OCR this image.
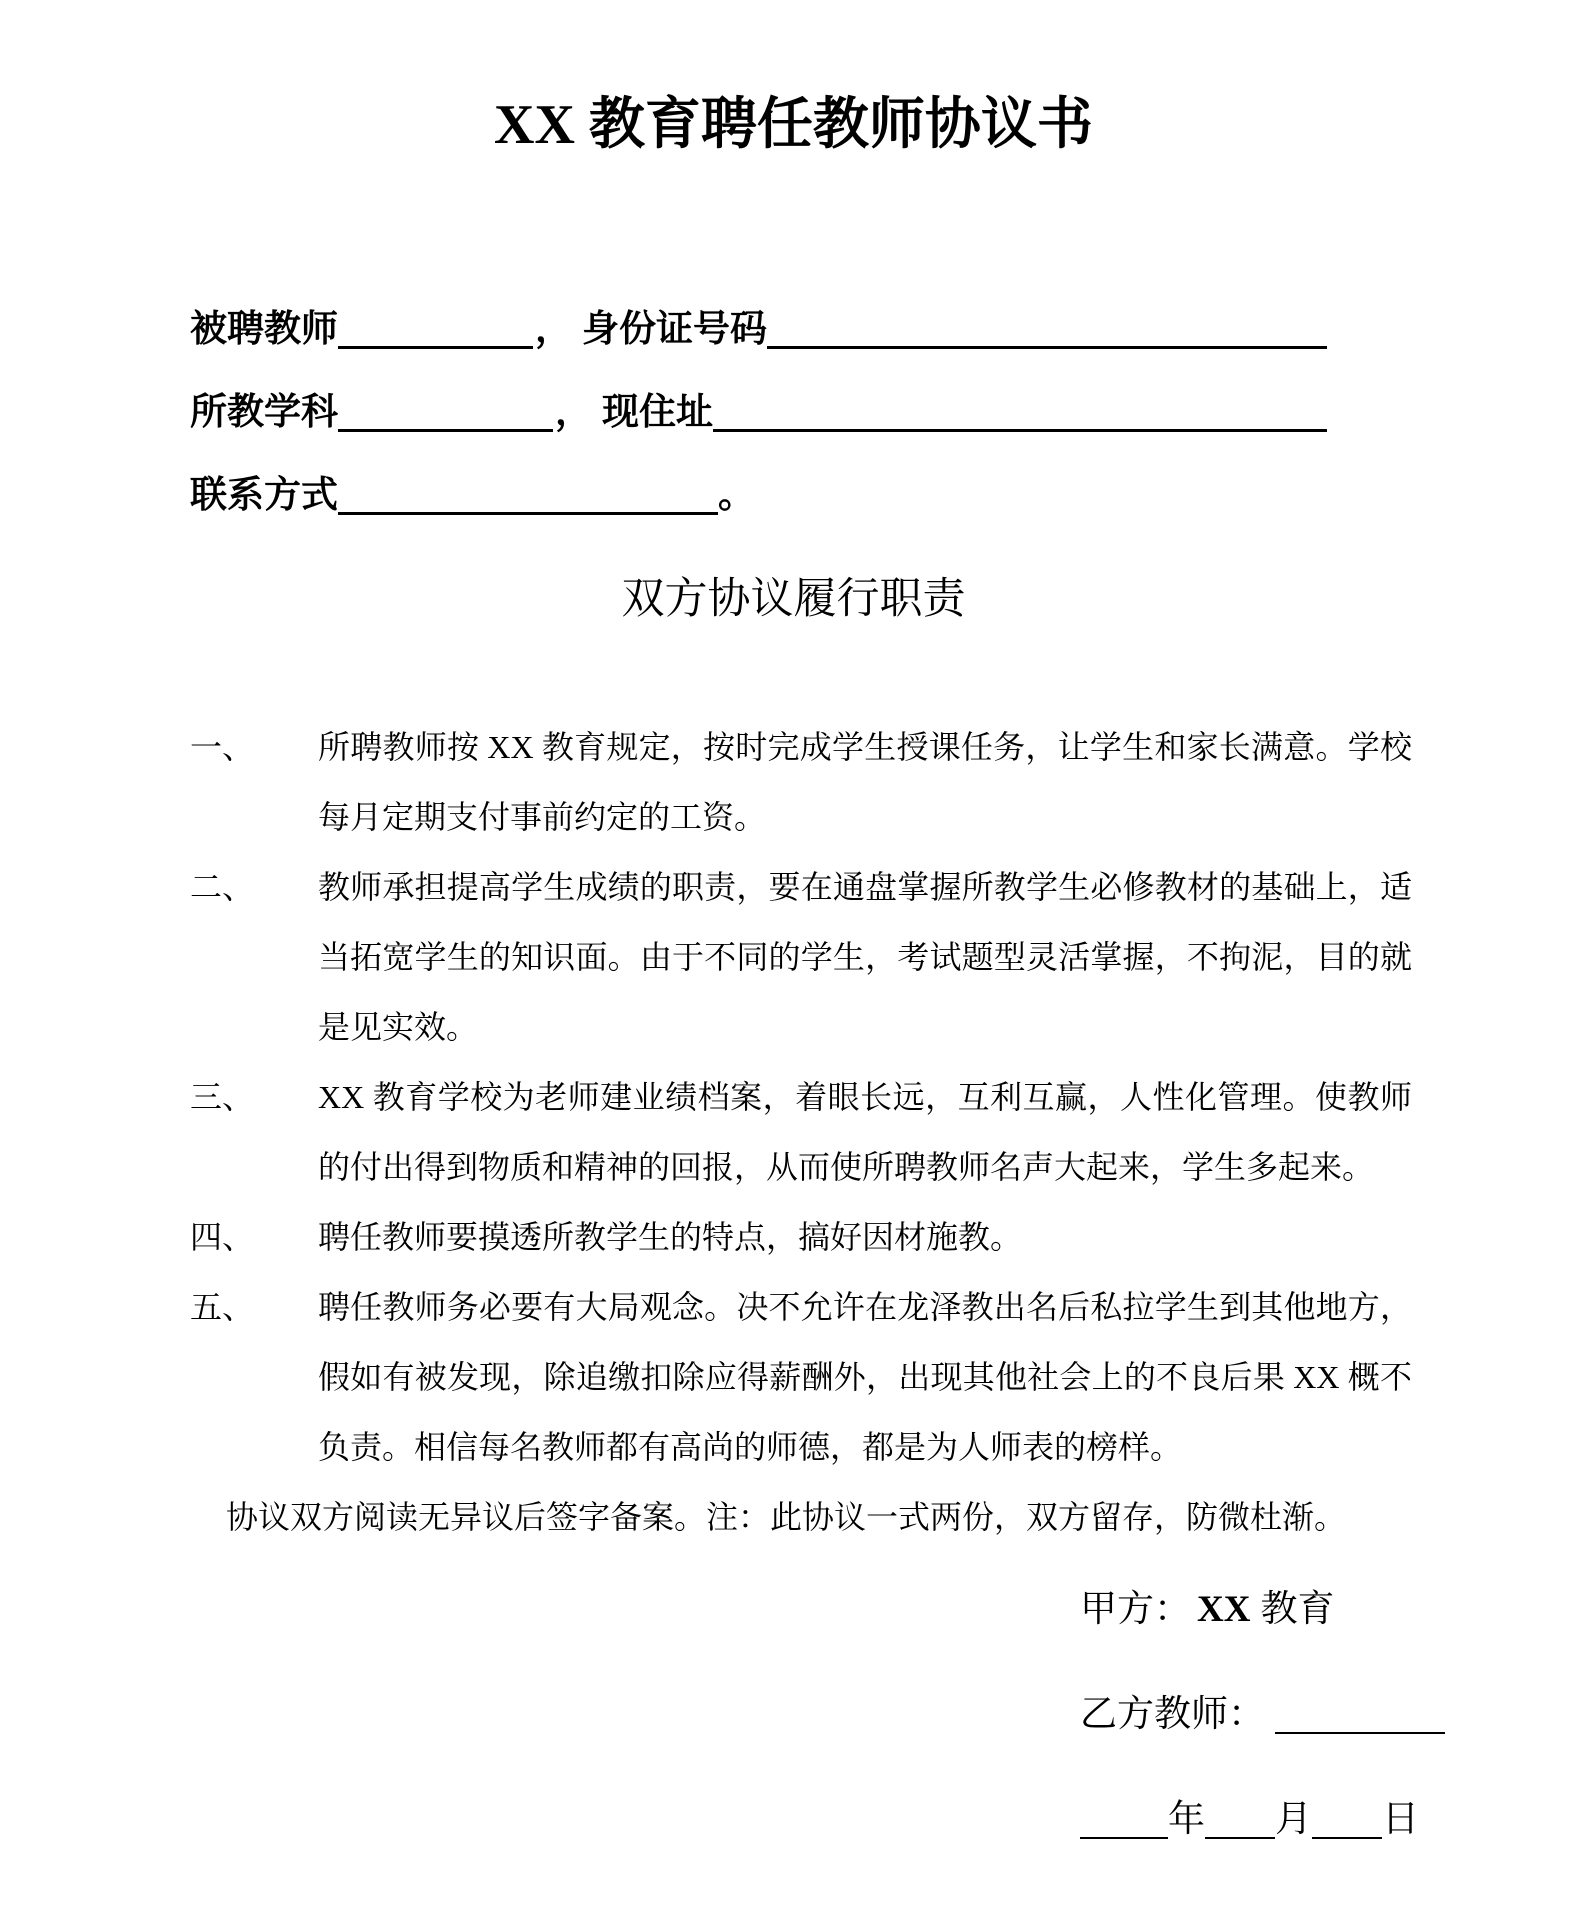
XX 教育聘任教师协议书
被聘教师	， 身份证号码
所教学科	， 现住址
联系方式	。
双方协议履行职责
一、	所聘教师按 XX 教育规定，按时完成学生授课任务，让学生和家长满意。学校每月定期支付事前约定的工资。
二、	教师承担提高学生成绩的职责，要在通盘掌握所教学生必修教材的基础上，适当拓宽学生的知识面。由于不同的学生，考试题型灵活掌握，不拘泥，目的就是见实效。
三、	XX 教育学校为老师建业绩档案，着眼长远，互利互赢，人性化管理。使教师的付出得到物质和精神的回报，从而使所聘教师名声大起来，学生多起来。
四、	聘任教师要摸透所教学生的特点，搞好因材施教。
五、	聘任教师务必要有大局观念。决不允许在龙泽教出名后私拉学生到其他地方，假如有被发现，除追缴扣除应得薪酬外，出现其他社会上的不良后果 XX 概不负责。相信每名教师都有高尚的师德，都是为人师表的榜样。

协议双方阅读无异议后签字备案。注：此协议一式两份，双方留存，防微杜渐。

甲方： XX 教育
乙方教师：
年 月 日
